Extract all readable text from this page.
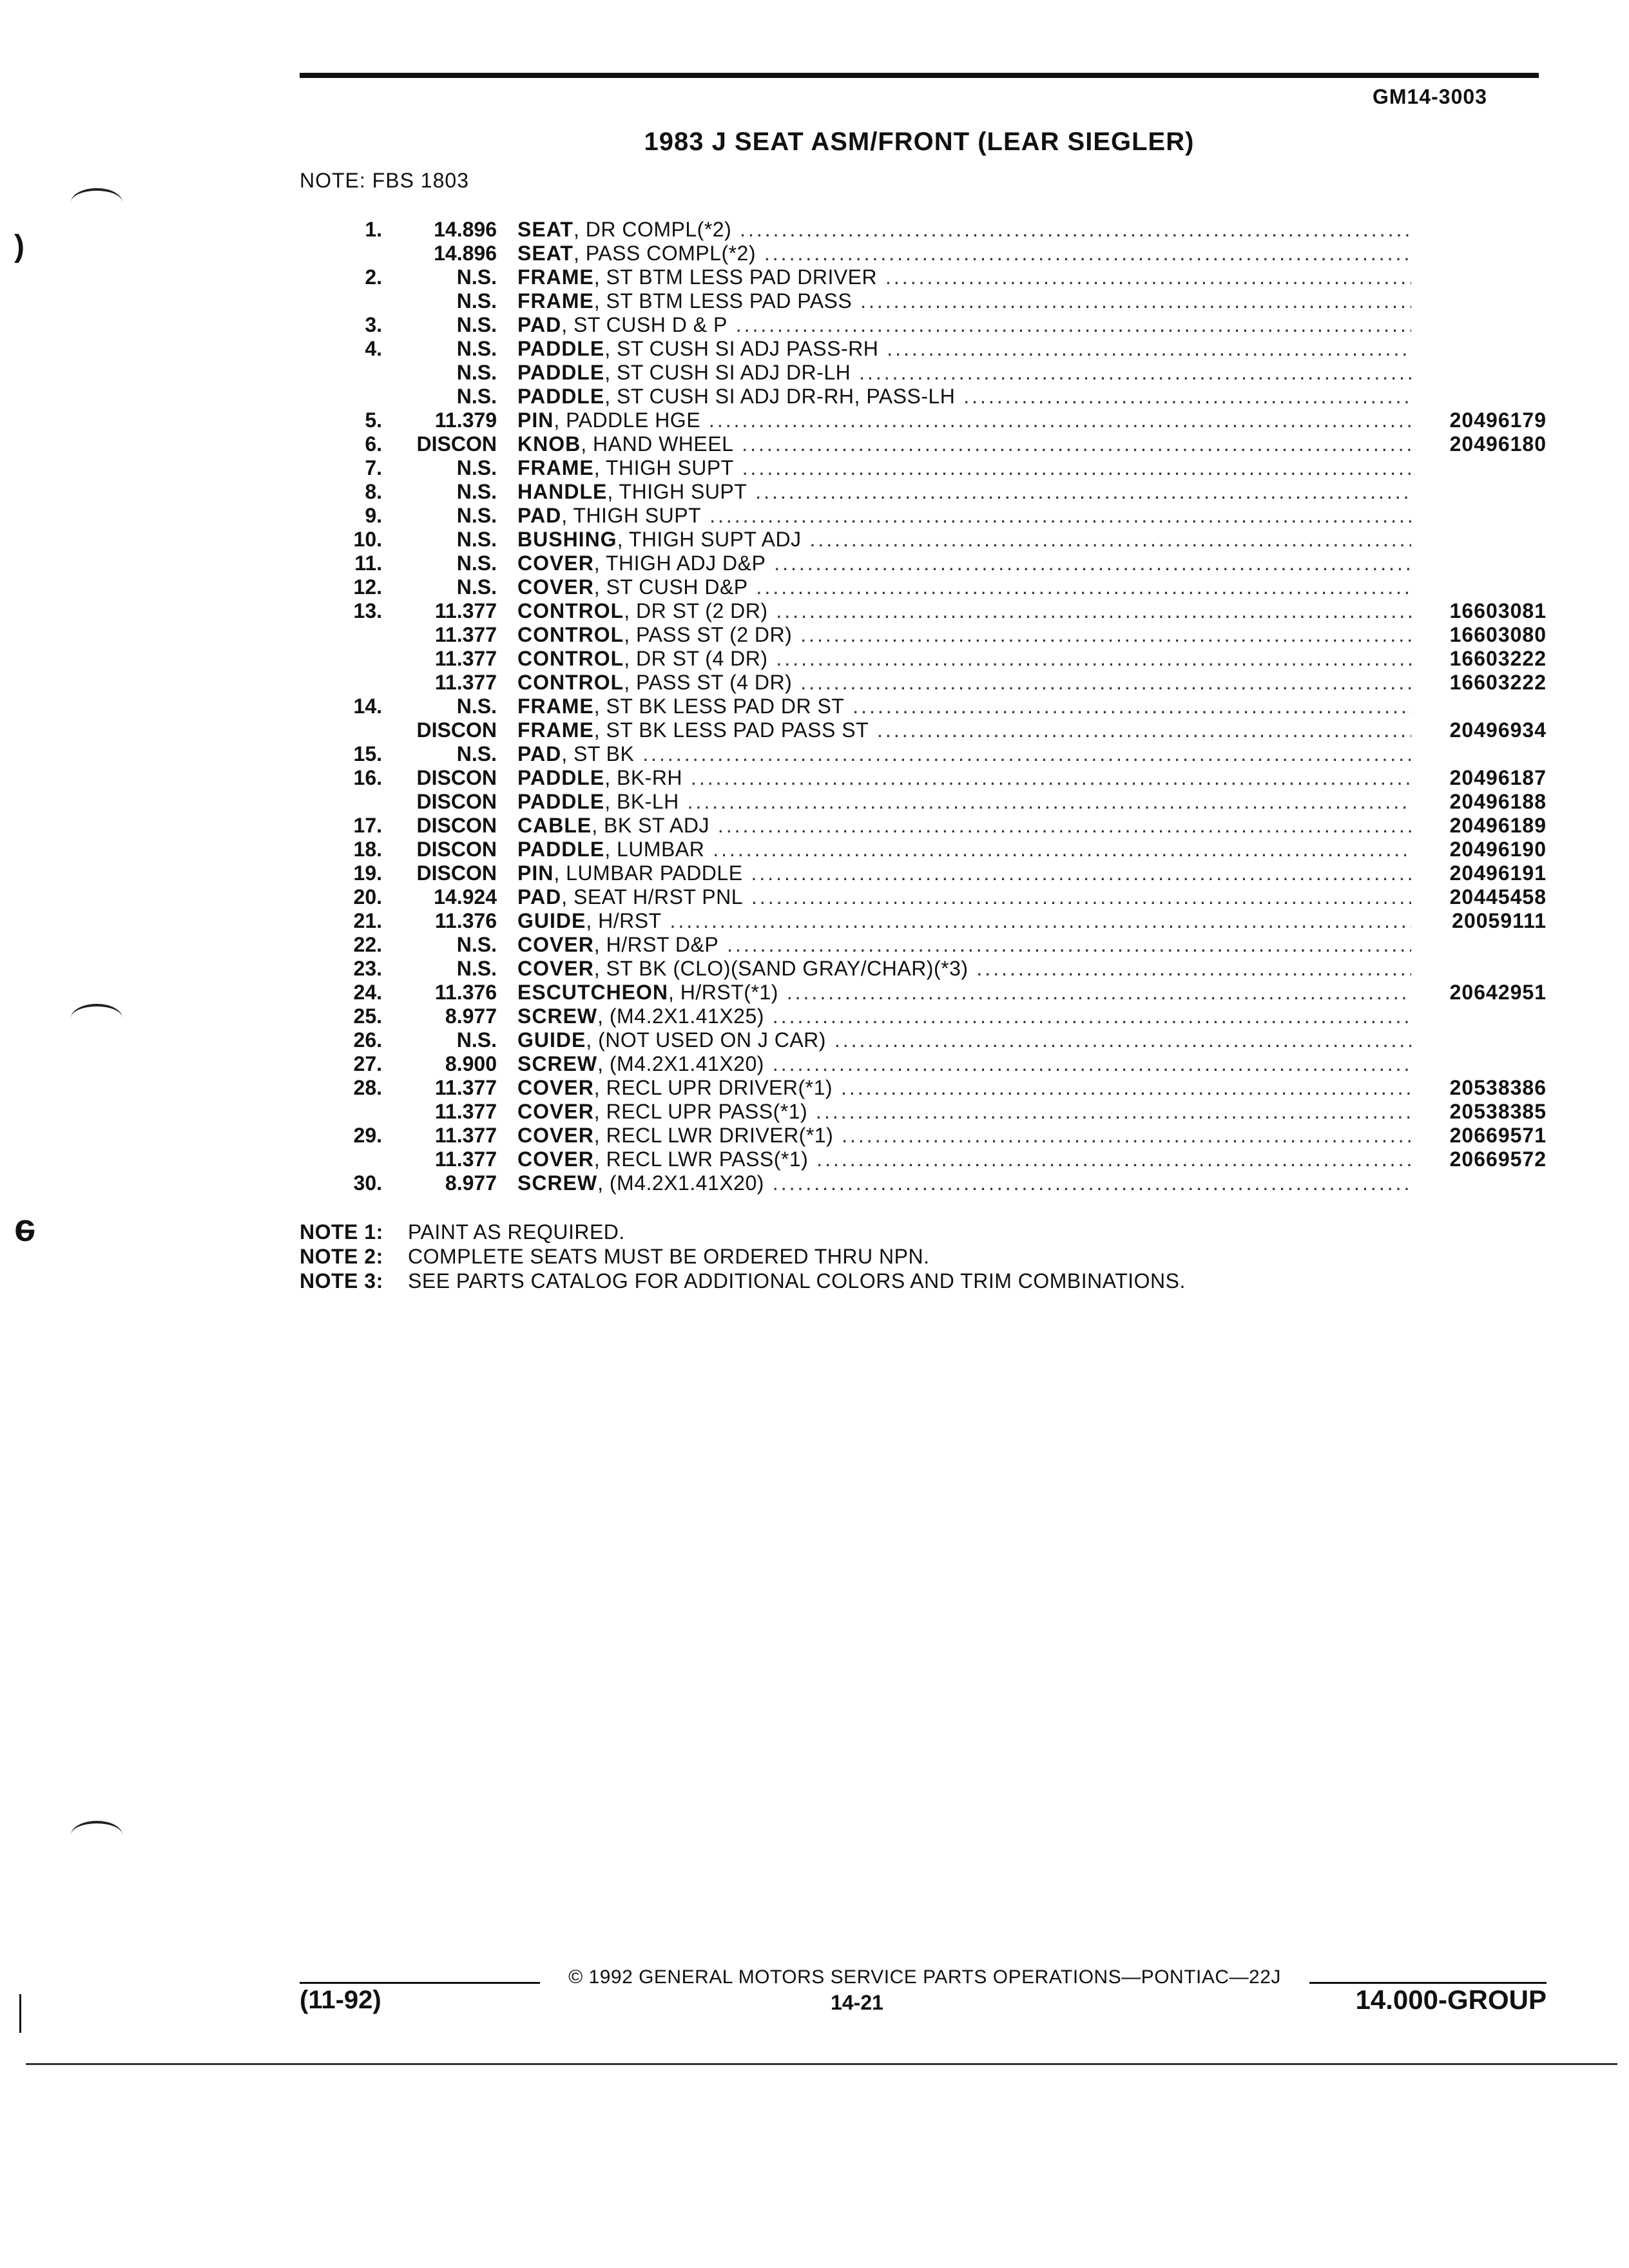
)
e
GM14-3003
1983 J SEAT ASM/FRONT (LEAR SIEGLER)
NOTE: FBS 1803
1.	14.896 SEAT, DR COMPL(*2) .....
14.896 SEAT, PASS COMPL(*2) .....
2.	N.S. FRAME, ST BTM LESS PAD DRIVER .....
N.S. FRAME, ST BTM LESS PAD PASS .....
3.	N.S. PAD, ST CUSH D & P .....
4.	N.S. PADDLE, ST CUSH SI ADJ PASS-RH .....
N.S. PADDLE, ST CUSH SI ADJ DR-LH .....
N.S. PADDLE, ST CUSH SI ADJ DR-RH, PASS-LH .....
5.	11.379 PIN, PADDLE HGE .....	20496179
6.	DISCON KNOB, HAND WHEEL .....	20496180
7.	N.S. FRAME, THIGH SUPT .....
8.	N.S. HANDLE, THIGH SUPT .....
9.	N.S. PAD, THIGH SUPT .....
10.	N.S. BUSHING, THIGH SUPT ADJ .....
11.	N.S. COVER, THIGH ADJ D&P .....
12.	N.S. COVER, ST CUSH D&P .....
13.	11.377 CONTROL, DR ST (2 DR) .....	16603081
11.377 CONTROL, PASS ST (2 DR) .....	16603080
11.377 CONTROL, DR ST (4 DR) .....	16603222
11.377 CONTROL, PASS ST (4 DR) .....	16603222
14.	N.S. FRAME, ST BK LESS PAD DR ST .....
DISCON FRAME, ST BK LESS PAD PASS ST .....	20496934
15.	N.S. PAD, ST BK .....
16.	DISCON PADDLE, BK-RH .....	20496187
DISCON PADDLE, BK-LH .....	20496188
17.	DISCON CABLE, BK ST ADJ .....	20496189
18.	DISCON PADDLE, LUMBAR .....	20496190
19.	DISCON PIN, LUMBAR PADDLE .....	20496191
20.	14.924 PAD, SEAT H/RST PNL .....	20445458
21.	11.376 GUIDE, H/RST .....	20059111
22.	N.S. COVER, H/RST D&P .....
23.	N.S. COVER, ST BK (CLO)(SAND GRAY/CHAR)(*3) .....
24.	11.376 ESCUTCHEON, H/RST(*1) .....	20642951
25.	8.977 SCREW, (M4.2X1.41X25) .....
26.	N.S. GUIDE, (NOT USED ON J CAR) .....
27.	8.900 SCREW, (M4.2X1.41X20) .....
28.	11.377 COVER, RECL UPR DRIVER(*1) .....	20538386
11.377 COVER, RECL UPR PASS(*1) .....	20538385
29.	11.377 COVER, RECL LWR DRIVER(*1) .....	20669571
11.377 COVER, RECL LWR PASS(*1) .....	20669572
30.	8.977 SCREW, (M4.2X1.41X20) .....
NOTE 1: PAINT AS REQUIRED.
NOTE 2: COMPLETE SEATS MUST BE ORDERED THRU NPN.
NOTE 3: SEE PARTS CATALOG FOR ADDITIONAL COLORS AND TRIM COMBINATIONS.
© 1992 GENERAL MOTORS SERVICE PARTS OPERATIONS—PONTIAC—22J
(11-92)	14-21	14.000-GROUP
